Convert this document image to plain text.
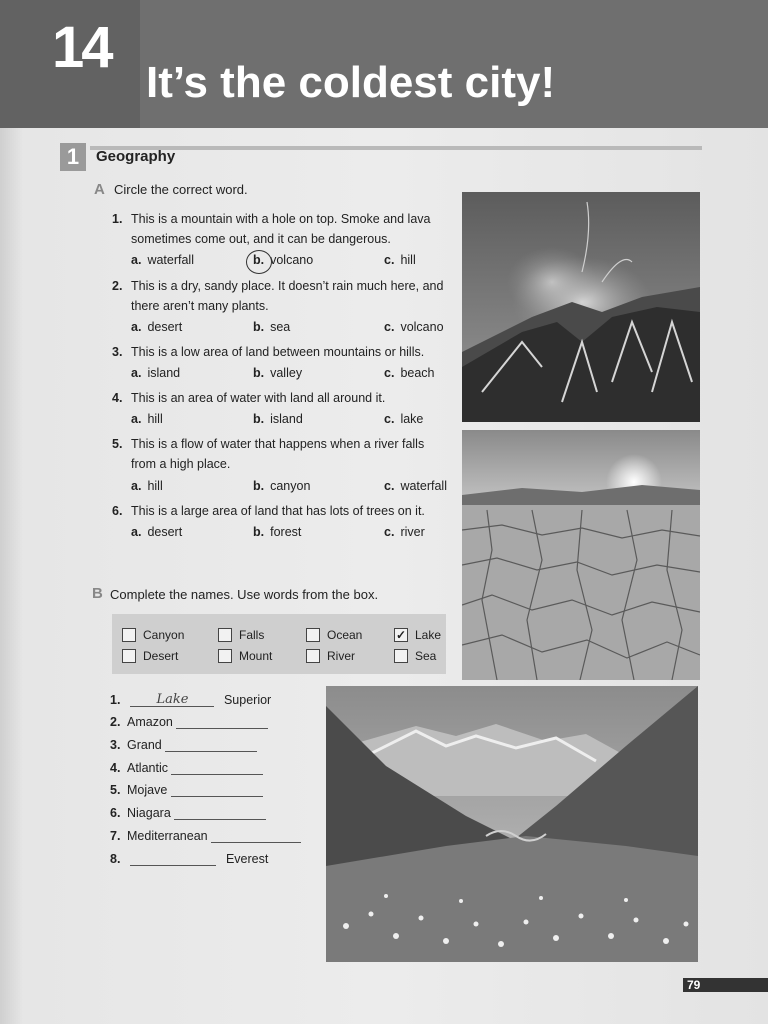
14
It’s the coldest city!
1	Geography
A Circle the correct word.
1. This is a mountain with a hole on top. Smoke and lava
sometimes come out, and it can be dangerous.
a. waterfall	b. volcano	c. hill
2. This is a dry, sandy place. It doesn’t rain much here, and
there aren’t many plants.
a. desert	b. sea	c. volcano
3. This is a low area of land between mountains or hills.
a. island	b. valley	c. beach
4. This is an area of water with land all around it.
a. hill	b. island	c. lake
5. This is a flow of water that happens when a river falls
from a high place.
a. hill	b. canyon	c. waterfall
6. This is a large area of land that has lots of trees on it.
a. desert	b. forest	c. river
B Complete the names. Use words from the box.
Canyon	Falls	Ocean	✓ Lake
Desert	Mount	River	Sea
1.	Lake	Superior
2. Amazon
3. Grand
4. Atlantic
5. Mojave
6. Niagara
7. Mediterranean
8.	Everest
79
